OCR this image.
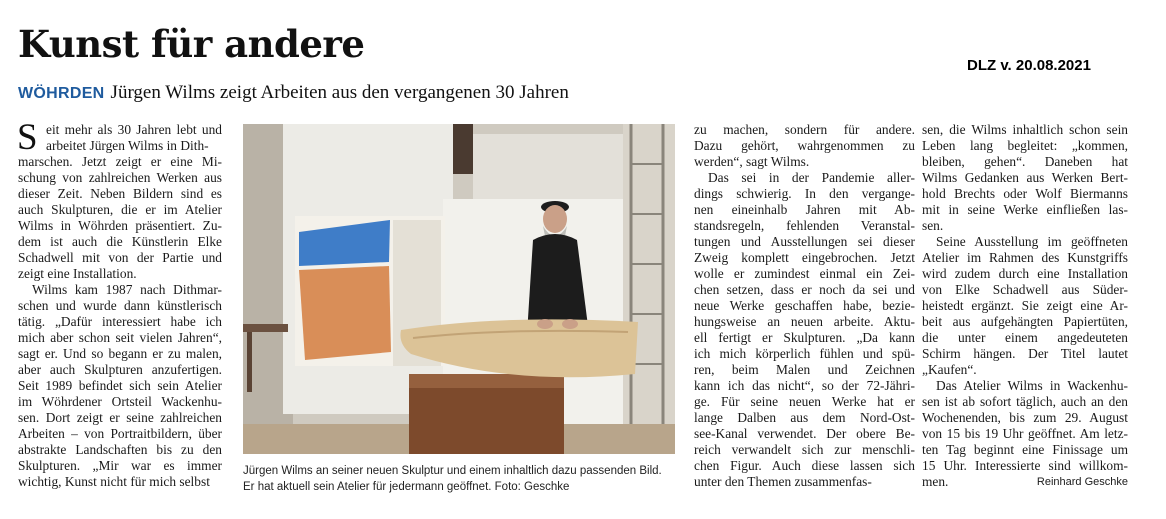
Kunst für andere	DLZ v. 20.08.2021
WÖHRDEN Jürgen Wilms zeigt Arbeiten aus den vergangenen 30 Jahren
S eit mehr als 30 Jahren lebt und
arbeitet Jürgen Wilms in Dith-
marschen. Jetzt zeigt er eine Mi-
schung von zahlreichen Werken aus
dieser Zeit. Neben Bildern sind es
auch Skulpturen, die er im Atelier
Wilms in Wöhrden präsentiert. Zu-
dem ist auch die Künstlerin Elke
Schadwell mit von der Partie und
zeigt eine Installation.
Wilms kam 1987 nach Dithmar-
schen und wurde dann künstlerisch
tätig. „Dafür interessiert habe ich
mich aber schon seit vielen Jahren“,
sagt er. Und so begann er zu malen,
aber auch Skulpturen anzufertigen.
Seit 1989 befindet sich sein Atelier
im Wöhrdener Ortsteil Wackenhu-
sen. Dort zeigt er seine zahlreichen
Arbeiten – von Portraitbildern, über
abstrakte Landschaften bis zu den
Skulpturen. „Mir war es immer
wichtig, Kunst nicht für mich selbst
Jürgen Wilms an seiner neuen Skulptur und einem inhaltlich dazu passenden Bild. Er hat aktuell sein Atelier für jedermann geöffnet. Foto: Geschke
zu machen, sondern für andere.
Dazu gehört, wahrgenommen zu
werden“, sagt Wilms.
Das sei in der Pandemie aller-
dings schwierig. In den vergange-
nen eineinhalb Jahren mit Ab-
standsregeln, fehlenden Veranstal-
tungen und Ausstellungen sei dieser
Zweig komplett eingebrochen. Jetzt
wolle er zumindest einmal ein Zei-
chen setzen, dass er noch da sei und
neue Werke geschaffen habe, bezie-
hungsweise an neuen arbeite. Aktu-
ell fertigt er Skulpturen. „Da kann
ich mich körperlich fühlen und spü-
ren, beim Malen und Zeichnen
kann ich das nicht“, so der 72-Jähri-
ge. Für seine neuen Werke hat er
lange Dalben aus dem Nord-Ost-
see-Kanal verwendet. Der obere Be-
reich verwandelt sich zur menschli-
chen Figur. Auch diese lassen sich
unter den Themen zusammenfas-
sen, die Wilms inhaltlich schon sein
Leben lang begleitet: „kommen,
bleiben, gehen“. Daneben hat
Wilms Gedanken aus Werken Bert-
hold Brechts oder Wolf Biermanns
mit in seine Werke einfließen las-
sen.
Seine Ausstellung im geöffneten
Atelier im Rahmen des Kunstgriffs
wird zudem durch eine Installation
von Elke Schadwell aus Süder-
heistedt ergänzt. Sie zeigt eine Ar-
beit aus aufgehängten Papiertüten,
die unter einem angedeuteten
Schirm hängen. Der Titel lautet
„Kaufen“.
Das Atelier Wilms in Wackenhu-
sen ist ab sofort täglich, auch an den
Wochenenden, bis zum 29. August
von 15 bis 19 Uhr geöffnet. Am letz-
ten Tag beginnt eine Finissage um
15 Uhr. Interessierte sind willkom-
men.	Reinhard Geschke
